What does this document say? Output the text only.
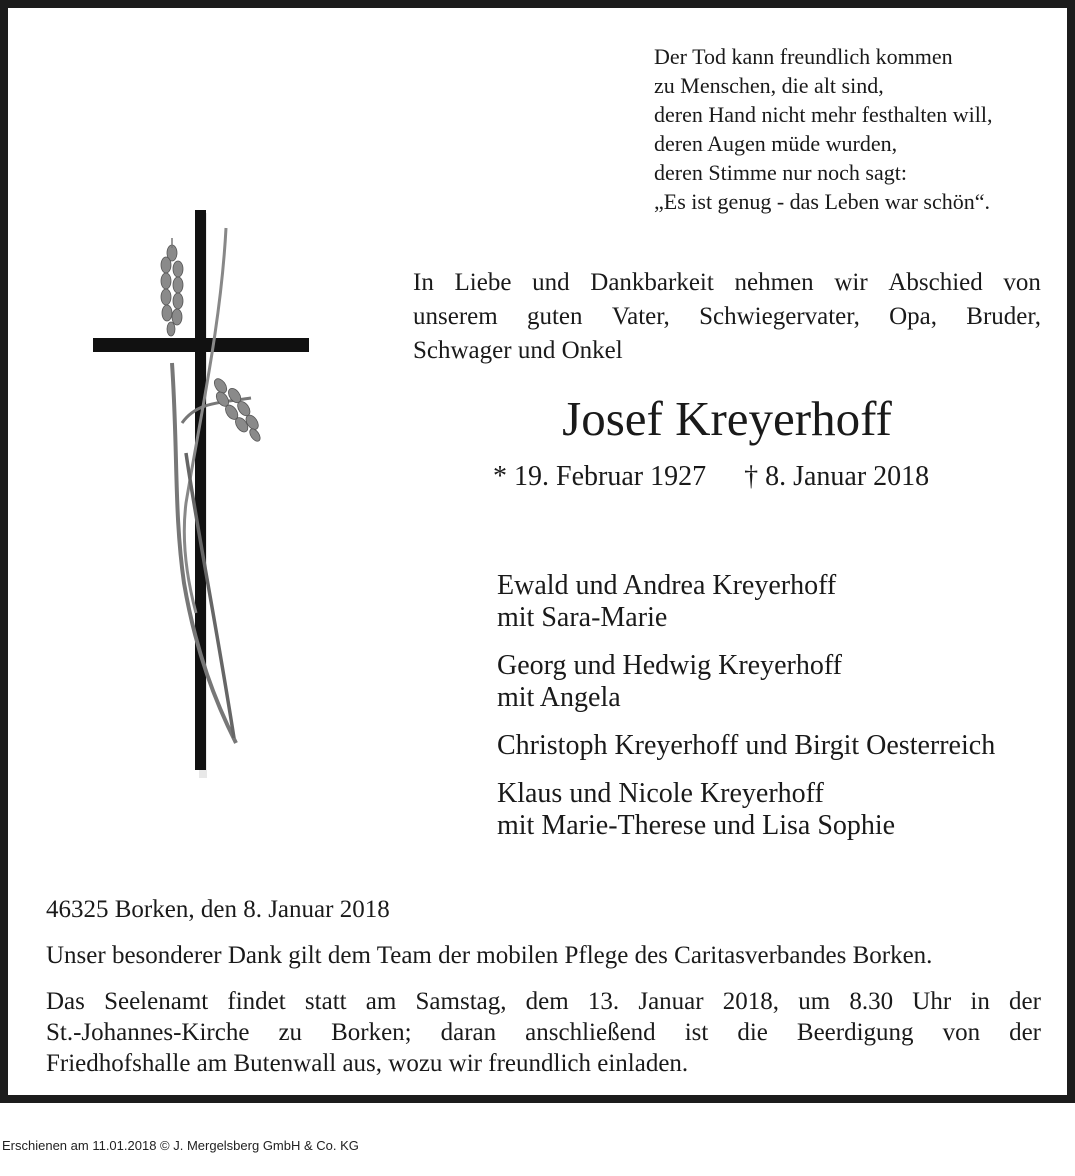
Der Tod kann freundlich kommen
zu Menschen, die alt sind,
deren Hand nicht mehr festhalten will,
deren Augen müde wurden,
deren Stimme nur noch sagt:
„Es ist genug - das Leben war schön“.
In Liebe und Dankbarkeit nehmen wir Abschied von
unserem guten Vater, Schwiegervater, Opa, Bruder,
Schwager und Onkel
Josef Kreyerhoff
* 19. Februar 1927 † 8. Januar 2018
Ewald und Andrea Kreyerhoff
mit Sara-Marie
Georg und Hedwig Kreyerhoff
mit Angela
Christoph Kreyerhoff und Birgit Oesterreich
Klaus und Nicole Kreyerhoff
mit Marie-Therese und Lisa Sophie
46325 Borken, den 8. Januar 2018
Unser besonderer Dank gilt dem Team der mobilen Pflege des Caritasverbandes Borken.
Das Seelenamt findet statt am Samstag, dem 13. Januar 2018, um 8.30 Uhr in der
St.-Johannes-Kirche zu Borken; daran anschließend ist die Beerdigung von der
Friedhofshalle am Butenwall aus, wozu wir freundlich einladen.
Erschienen am 11.01.2018 © J. Mergelsberg GmbH & Co. KG
